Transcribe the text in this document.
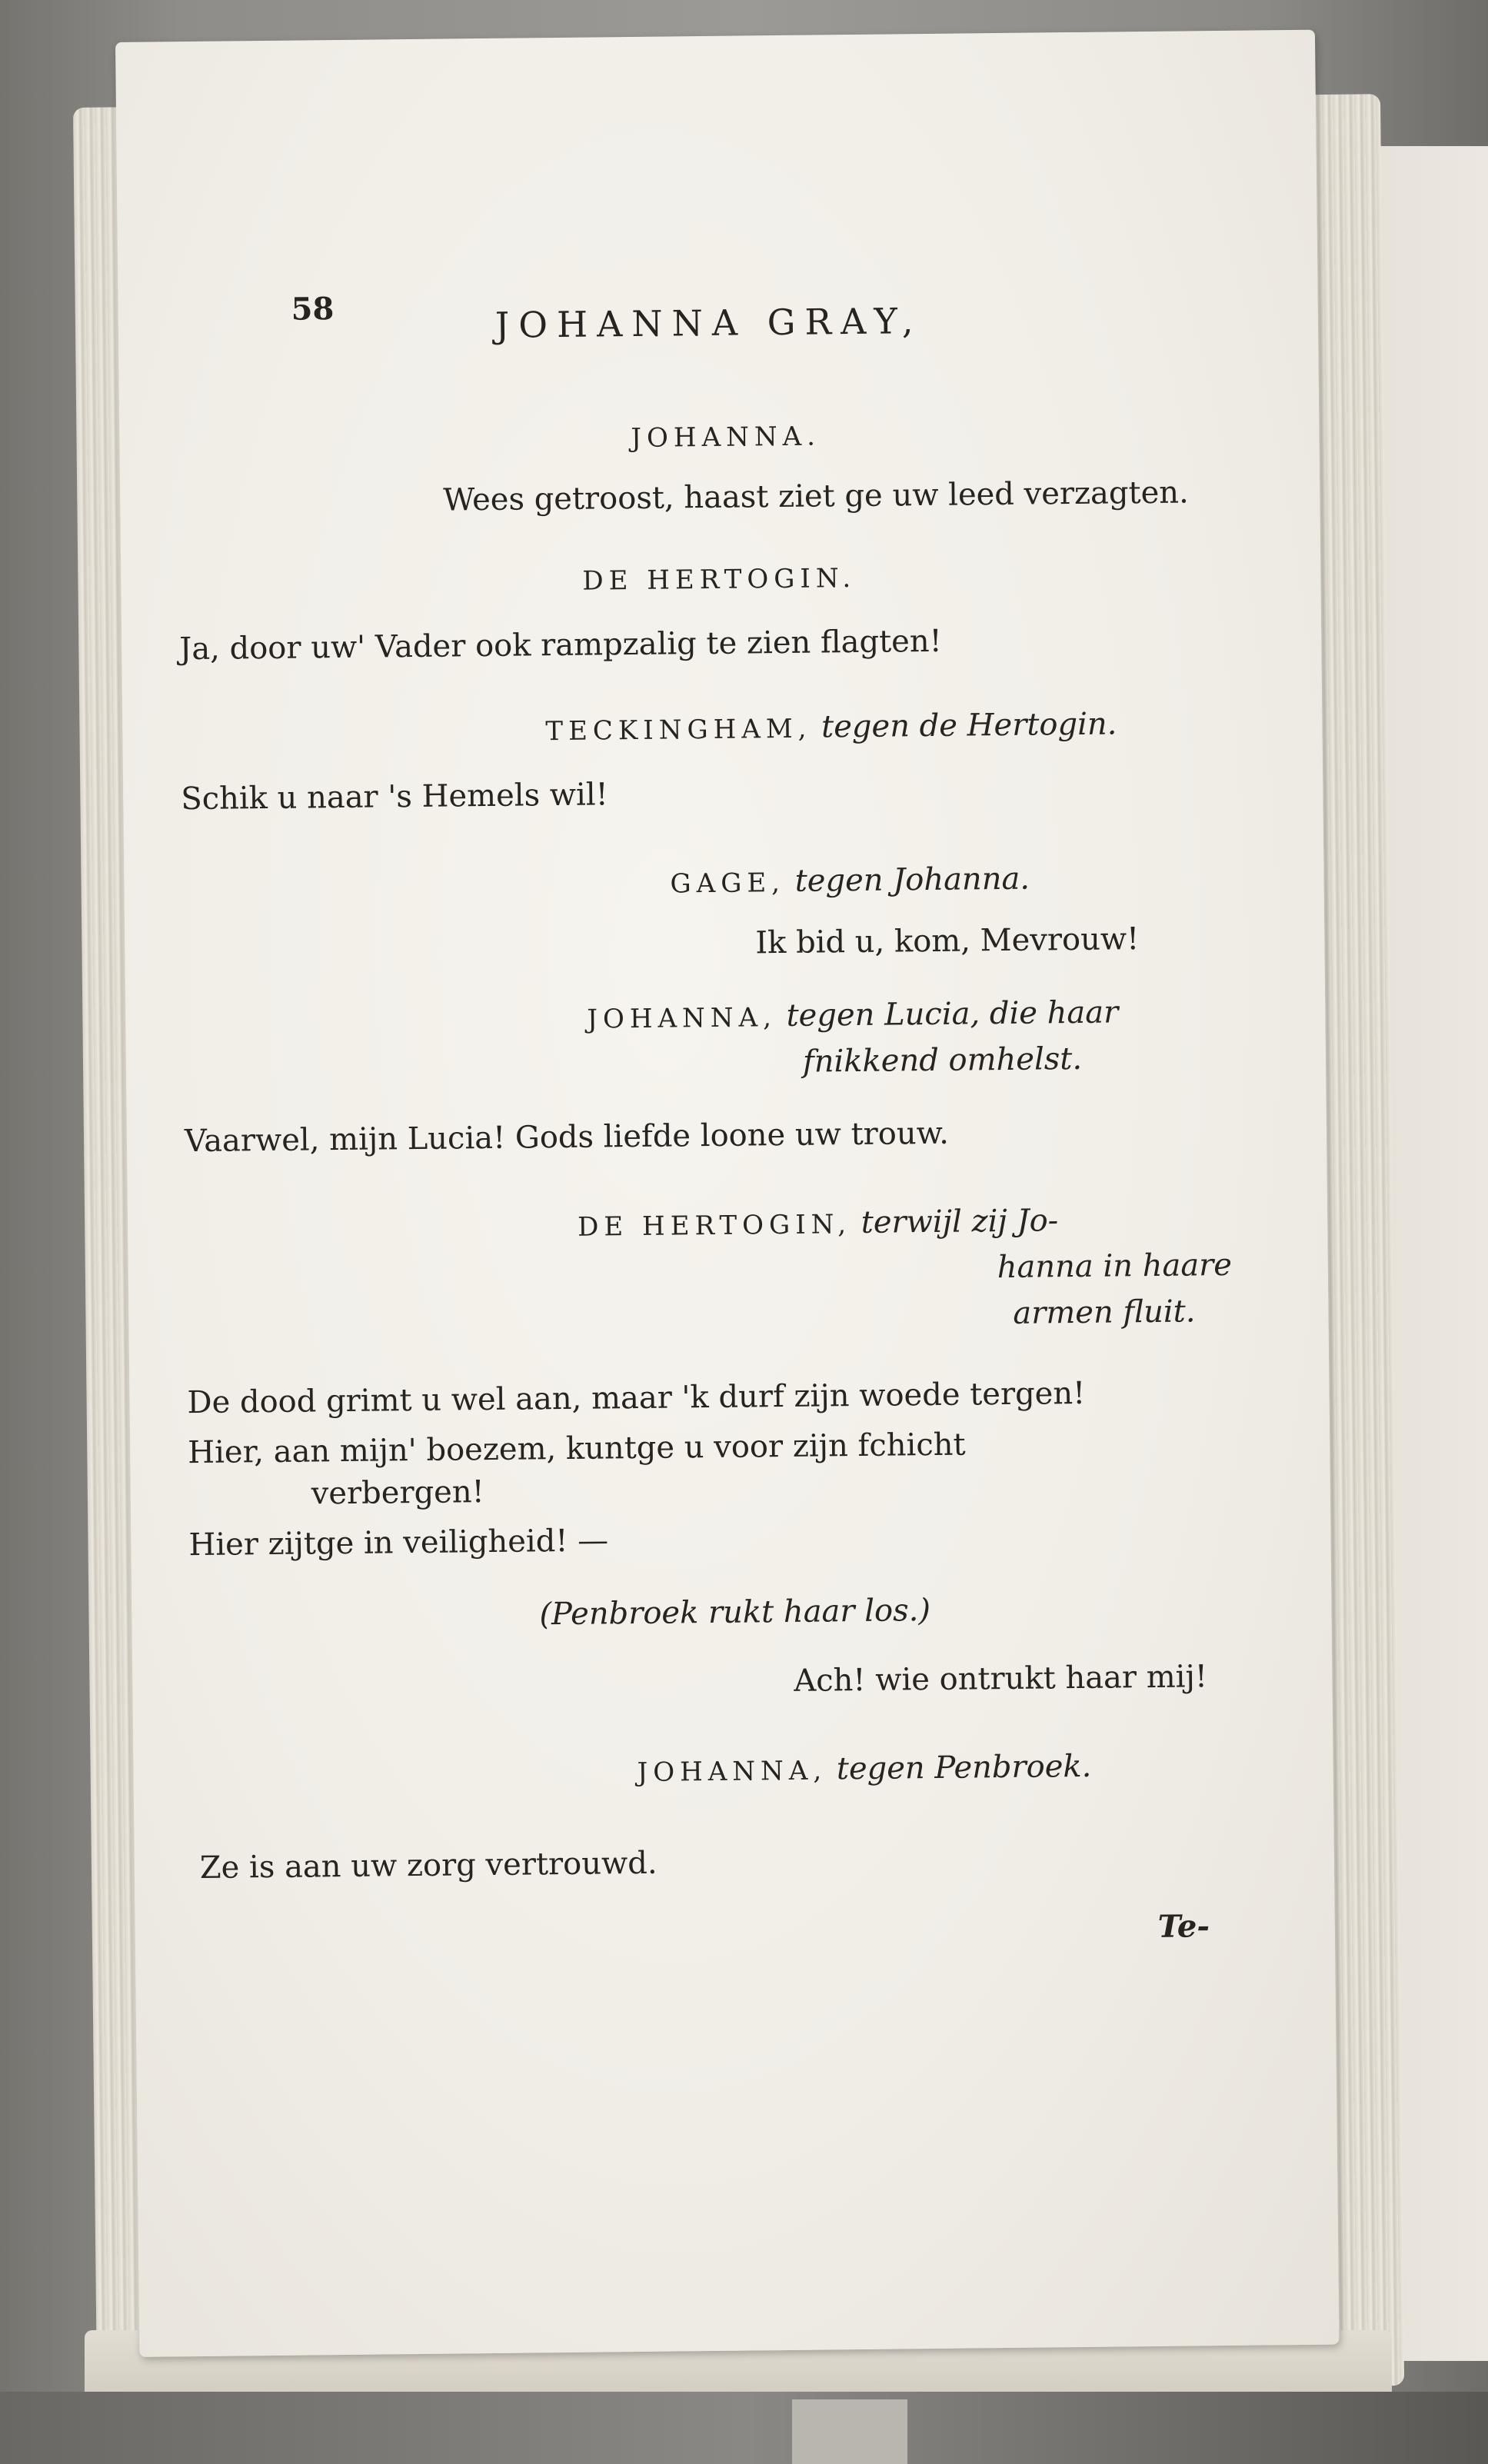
58	JOHANNA GRAY,
JOHANNA.
Wees getroost, haast ziet ge uw leed verzagten.
DE HERTOGIN.
Ja, door uw' Vader ook rampzalig te zien flagten!
TECKINGHAM, tegen de Hertogin.
Schik u naar 's Hemels wil!
GAGE, tegen Johanna.
Ik bid u, kom, Mevrouw!
JOHANNA, tegen Lucia, die haar
fnikkend omhelst.
Vaarwel, mijn Lucia! Gods liefde loone uw trouw.
DE HERTOGIN, terwijl zij Jo-
hanna in haare
armen fluit.
De dood grimt u wel aan, maar 'k durf zijn woede tergen!
Hier, aan mijn' boezem, kuntge u voor zijn fchicht
verbergen!
Hier zijtge in veiligheid! —
(Penbroek rukt haar los.)
Ach! wie ontrukt haar mij!
JOHANNA, tegen Penbroek.
Ze is aan uw zorg vertrouwd.
Te-
